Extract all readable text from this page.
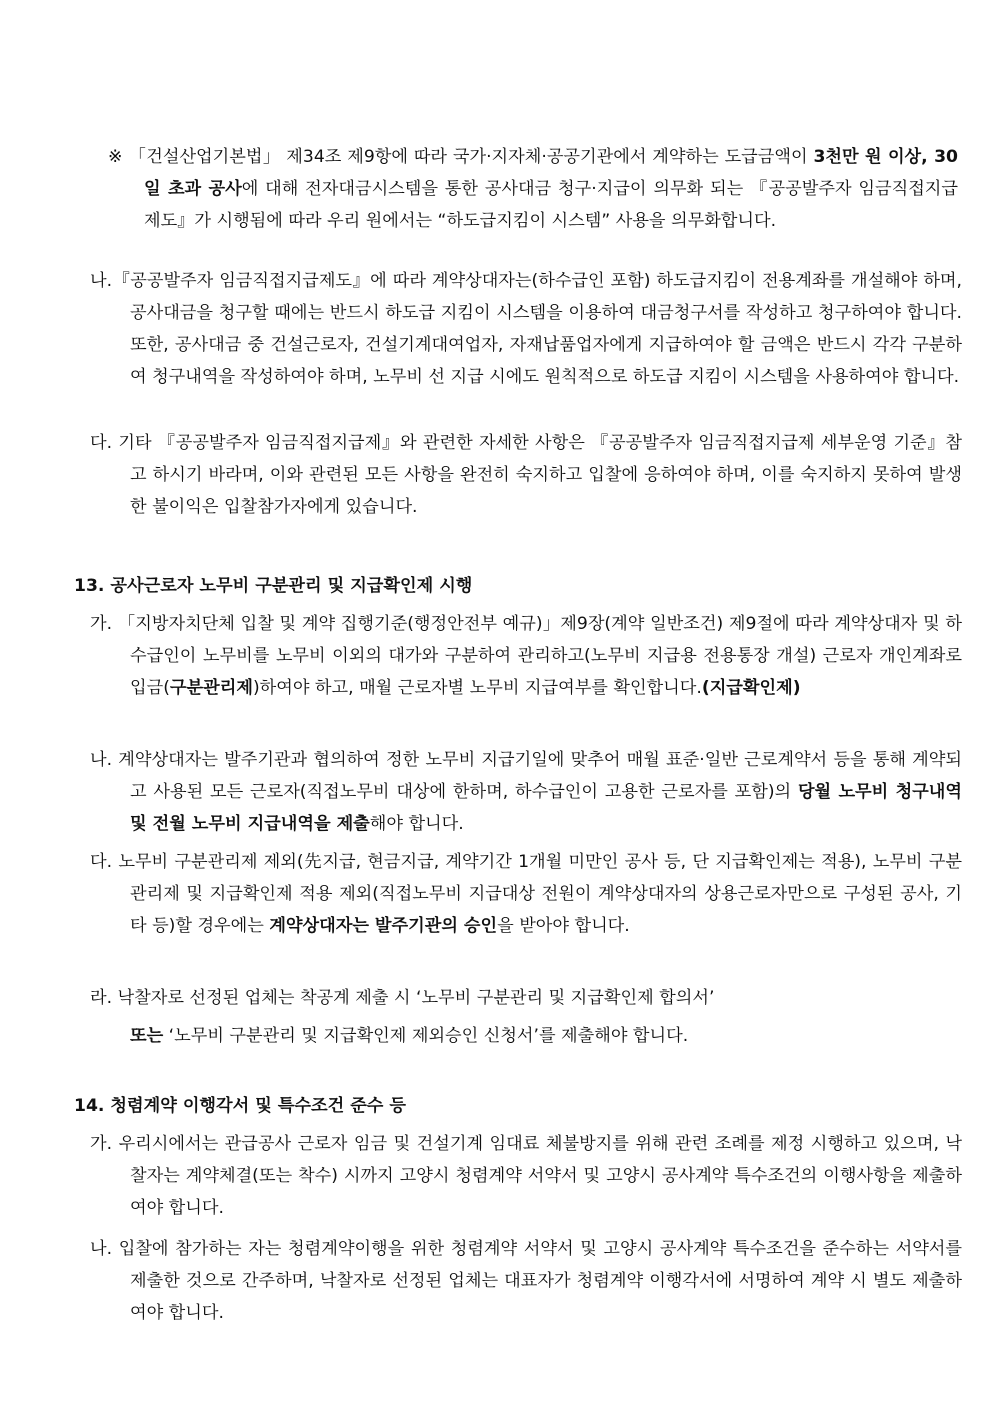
※ 「건설산업기본법」 제34조 제9항에 따라 국가·지자체·공공기관에서 계약하는 도급금액이 3천만 원 이상, 30일 초과 공사에 대해 전자대금시스템을 통한 공사대금 청구·지급이 의무화 되는 『공공발주자 임금직접지급제도』가 시행됨에 따라 우리 원에서는 “하도급지킴이 시스템” 사용을 의무화합니다.

나.『공공발주자 임금직접지급제도』에 따라 계약상대자는(하수급인 포함) 하도급지킴이 전용계좌를 개설해야 하며, 공사대금을 청구할 때에는 반드시 하도급 지킴이 시스템을 이용하여 대금청구서를 작성하고 청구하여야 합니다. 또한, 공사대금 중 건설근로자, 건설기계대여업자, 자재납품업자에게 지급하여야 할 금액은 반드시 각각 구분하여 청구내역을 작성하여야 하며, 노무비 선 지급 시에도 원칙적으로 하도급 지킴이 시스템을 사용하여야 합니다.

다. 기타 『공공발주자 임금직접지급제』와 관련한 자세한 사항은 『공공발주자 임금직접지급제 세부운영 기준』참고 하시기 바라며, 이와 관련된 모든 사항을 완전히 숙지하고 입찰에 응하여야 하며, 이를 숙지하지 못하여 발생한 불이익은 입찰참가자에게 있습니다.

13. 공사근로자 노무비 구분관리 및 지급확인제 시행

가. 「지방자치단체 입찰 및 계약 집행기준(행정안전부 예규)」제9장(계약 일반조건) 제9절에 따라 계약상대자 및 하수급인이 노무비를 노무비 이외의 대가와 구분하여 관리하고(노무비 지급용 전용통장 개설) 근로자 개인계좌로 입금(구분관리제)하여야 하고, 매월 근로자별 노무비 지급여부를 확인합니다.(지급확인제)

나. 계약상대자는 발주기관과 협의하여 정한 노무비 지급기일에 맞추어 매월 표준·일반 근로계약서 등을 통해 계약되고 사용된 모든 근로자(직접노무비 대상에 한하며, 하수급인이 고용한 근로자를 포함)의 당월 노무비 청구내역 및 전월 노무비 지급내역을 제출해야 합니다.

다. 노무비 구분관리제 제외(先지급, 현금지급, 계약기간 1개월 미만인 공사 등, 단 지급확인제는 적용), 노무비 구분관리제 및 지급확인제 적용 제외(직접노무비 지급대상 전원이 계약상대자의 상용근로자만으로 구성된 공사, 기타 등)할 경우에는 계약상대자는 발주기관의 승인을 받아야 합니다.

라. 낙찰자로 선정된 업체는 착공계 제출 시 ‘노무비 구분관리 및 지급확인제 합의서’

또는 ‘노무비 구분관리 및 지급확인제 제외승인 신청서’를 제출해야 합니다.

14. 청렴계약 이행각서 및 특수조건 준수 등

가. 우리시에서는 관급공사 근로자 임금 및 건설기계 임대료 체불방지를 위해 관련 조례를 제정 시행하고 있으며, 낙찰자는 계약체결(또는 착수) 시까지 고양시 청렴계약 서약서 및 고양시 공사계약 특수조건의 이행사항을 제출하여야 합니다.

나. 입찰에 참가하는 자는 청렴계약이행을 위한 청렴계약 서약서 및 고양시 공사계약 특수조건을 준수하는 서약서를 제출한 것으로 간주하며, 낙찰자로 선정된 업체는 대표자가 청렴계약 이행각서에 서명하여 계약 시 별도 제출하여야 합니다.
